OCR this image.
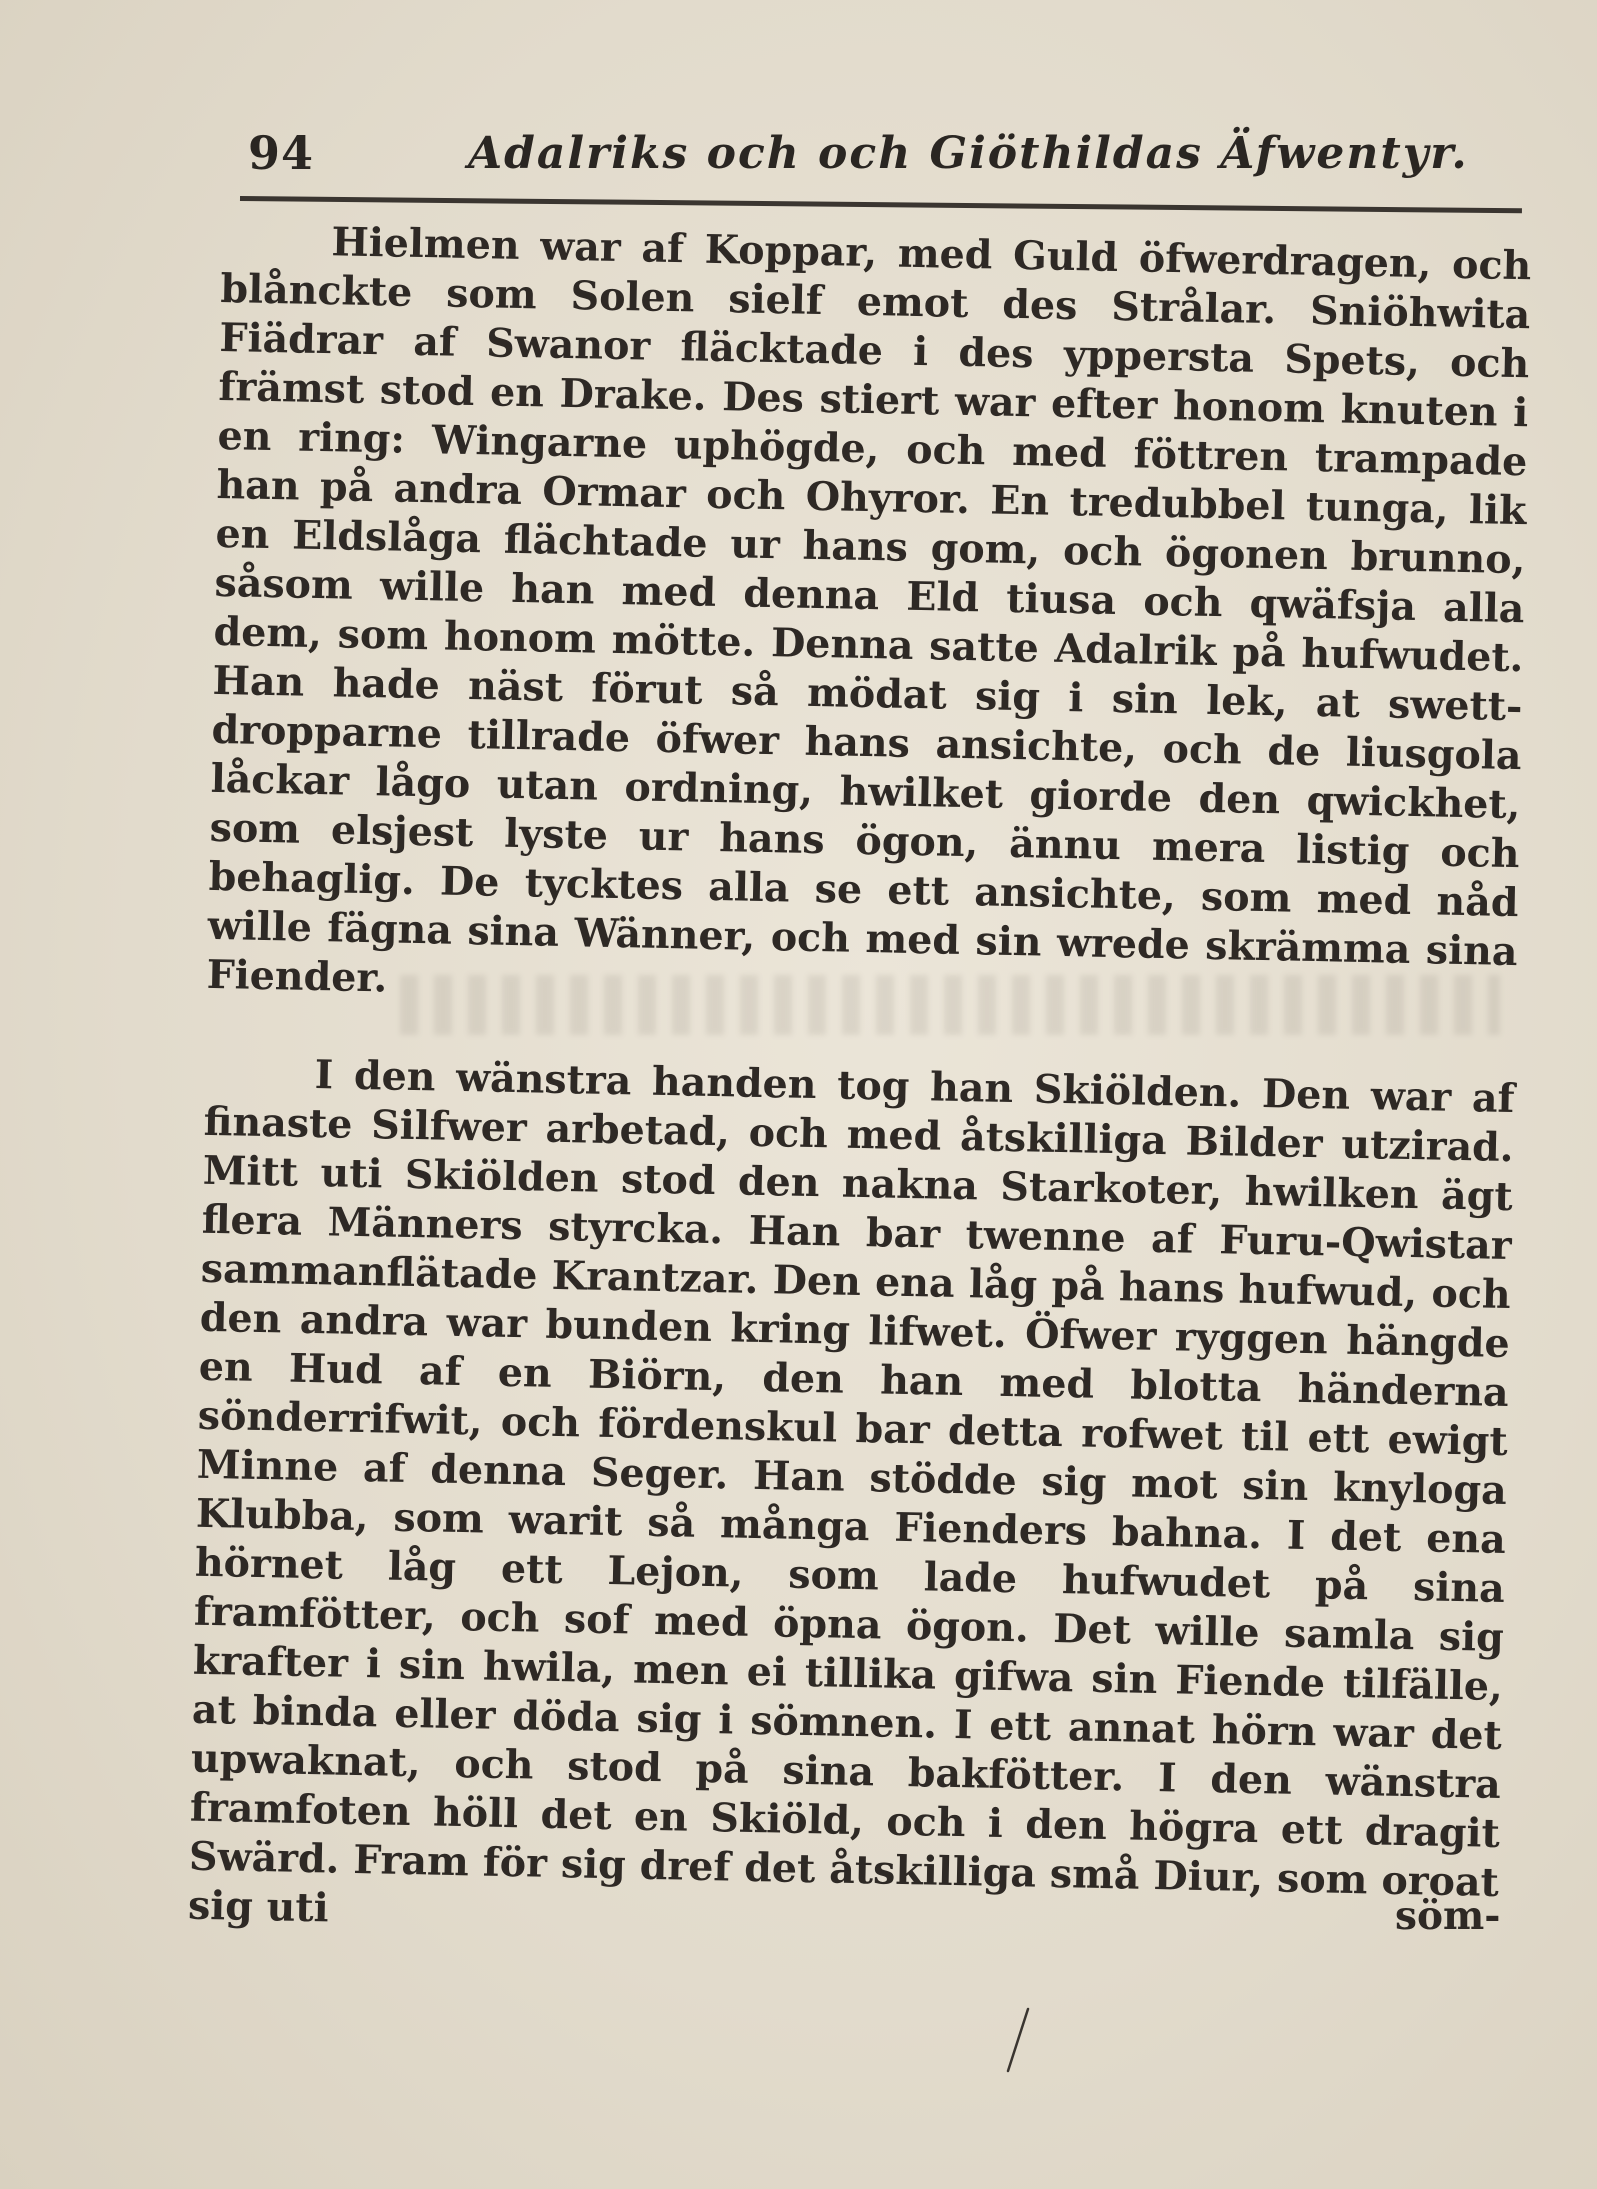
94	Adalriks och och Giöthildas Äfwentyr.

Hielmen war af Koppar, med Guld öfwerdragen, och blånckte som Solen sielf emot des Strålar. Sniöhwita Fiädrar af Swanor fläcktade i des yppersta Spets, och främst stod en Drake. Des stiert war efter honom knuten i en ring: Wingarne uphögde, och med föttren trampade han på andra Ormar och Ohyror. En tredubbel tunga, lik en Eldslåga flächtade ur hans gom, och ögonen brunno, såsom wille han med denna Eld tiusa och qwäfsja alla dem, som honom mötte. Denna satte Adalrik på hufwudet. Han hade näst förut så mödat sig i sin lek, at swett-dropparne tillrade öfwer hans ansichte, och de liusgola låckar lågo utan ordning, hwilket giorde den qwickhet, som elsjest lyste ur hans ögon, ännu mera listig och behaglig. De tycktes alla se ett ansichte, som med nåd wille fägna sina Wänner, och med sin wrede skrämma sina Fiender.

I den wänstra handen tog han Skiölden. Den war af finaste Silfwer arbetad, och med åtskilliga Bilder utzirad. Mitt uti Skiölden stod den nakna Starkoter, hwilken ägt flera Männers styrcka. Han bar twenne af Furu-Qwistar sammanflätade Krantzar. Den ena låg på hans hufwud, och den andra war bunden kring lifwet. Öfwer ryggen hängde en Hud af en Biörn, den han med blotta händerna sönderrifwit, och fördenskul bar detta rofwet til ett ewigt Minne af denna Seger. Han stödde sig mot sin knyloga Klubba, som warit så många Fienders bahna. I det ena hörnet låg ett Lejon, som lade hufwudet på sina framfötter, och sof med öpna ögon. Det wille samla sig krafter i sin hwila, men ei tillika gifwa sin Fiende tilfälle, at binda eller döda sig i sömnen. I ett annat hörn war det upwaknat, och stod på sina bakfötter. I den wänstra framfoten höll det en Skiöld, och i den högra ett dragit Swärd. Fram för sig dref det åtskilliga små Diur, som oroat sig uti	söm-
